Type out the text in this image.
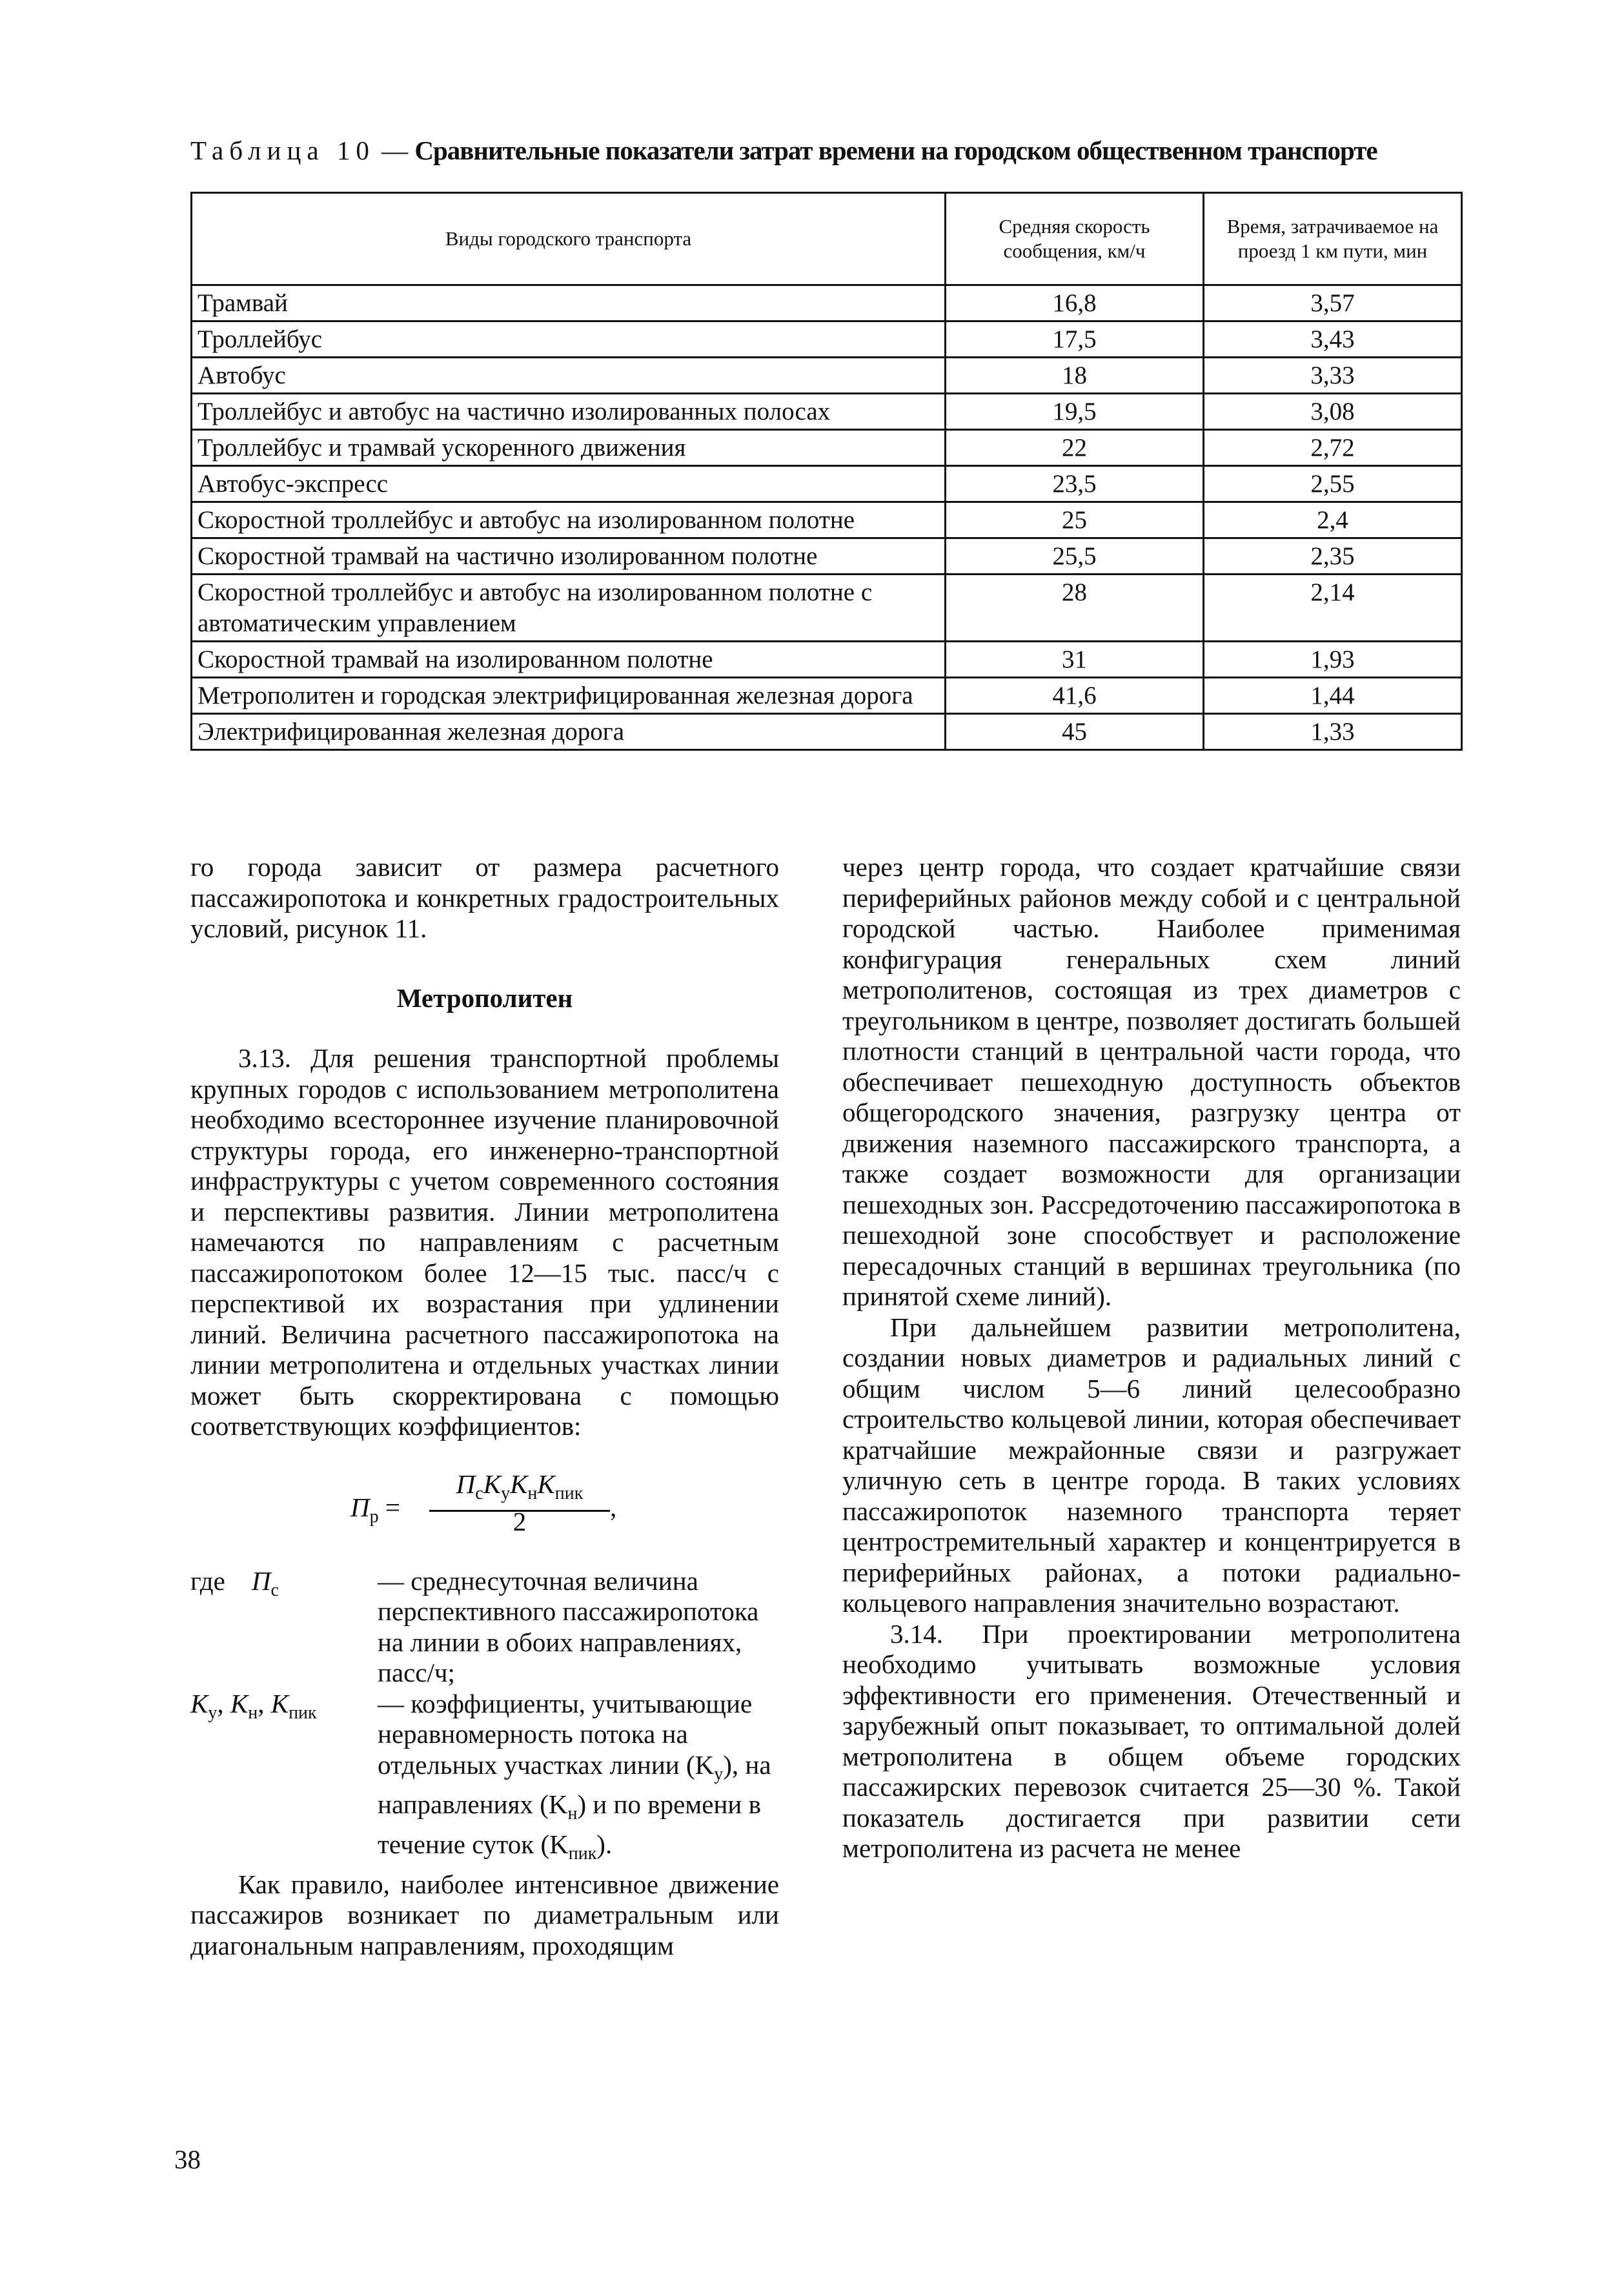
Таблица 10 — Сравнительные показатели затрат времени на городском общественном транспорте
Виды городского транспорта	Средняя скорость сообщения, км/ч	Время, затрачиваемое на проезд 1 км пути, мин
Трамвай	16,8	3,57
Троллейбус	17,5	3,43
Автобус	18	3,33
Троллейбус и автобус на частично изолированных полосах	19,5	3,08
Троллейбус и трамвай ускоренного движения	22	2,72
Автобус-экспресс	23,5	2,55
Скоростной троллейбус и автобус на изолированном полотне	25	2,4
Скоростной трамвай на частично изолированном полотне	25,5	2,35
Скоростной троллейбус и автобус на изолированном полотне с автоматическим управлением	28	2,14
Скоростной трамвай на изолированном полотне	31	1,93
Метрополитен и городская электрифицированная железная дорога	41,6	1,44
Электрифицированная железная дорога	45	1,33

го города зависит от размера расчетного пассажиропотока и конкретных градостроительных условий, рисунок 11.

Метрополитен

3.13. Для решения транспортной проблемы крупных городов с использованием метрополитена необходимо всестороннее изучение планировочной структуры города, его инженерно-транспортной инфраструктуры с учетом современного состояния и перспективы развития. Линии метрополитена намечаются по направлениям с расчетным пассажиропотоком более 12—15 тыс. пасс/ч с перспективой их возрастания при удлинении линий. Величина расчетного пассажиропотока на линии метрополитена и отдельных участках линии может быть скорректирована с помощью соответствующих коэффициентов:

$П_р$ =
$П_сK_уK_нK_{пик}$
2	,
где $П_с$	— среднесуточная величина перспективного пассажиропотока на линии в обоих направлениях, пасс/ч;
$K_у$, $K_н$, $K_{пик}$	— коэффициенты, учитывающие неравномерность потока на отдельных участках линии $(K_у)$, на направлениях $(K_н)$ и по времени в течение суток $(K_{пик})$.

Как правило, наиболее интенсивное движение пассажиров возникает по диаметральным или диагональным направлениям, проходящим

через центр города, что создает кратчайшие связи периферийных районов между собой и с центральной городской частью. Наиболее применимая конфигурация генеральных схем линий метрополитенов, состоящая из трех диаметров с треугольником в центре, позволяет достигать большей плотности станций в центральной части города, что обеспечивает пешеходную доступность объектов общегородского значения, разгрузку центра от движения наземного пассажирского транспорта, а также создает возможности для организации пешеходных зон. Рассредоточению пассажиропотока в пешеходной зоне способствует и расположение пересадочных станций в вершинах треугольника (по принятой схеме линий).

При дальнейшем развитии метрополитена, создании новых диаметров и радиальных линий с общим числом 5—6 линий целесообразно строительство кольцевой линии, которая обеспечивает кратчайшие межрайонные связи и разгружает уличную сеть в центре города. В таких условиях пассажиропоток наземного транспорта теряет центростремительный характер и концентрируется в периферийных районах, а потоки радиально-кольцевого направления значительно возрастают.

3.14. При проектировании метрополитена необходимо учитывать возможные условия эффективности его применения. Отечественный и зарубежный опыт показывает, то оптимальной долей метрополитена в общем объеме городских пассажирских перевозок считается 25—30 %. Такой показатель достигается при развитии сети метрополитена из расчета не менее

38
